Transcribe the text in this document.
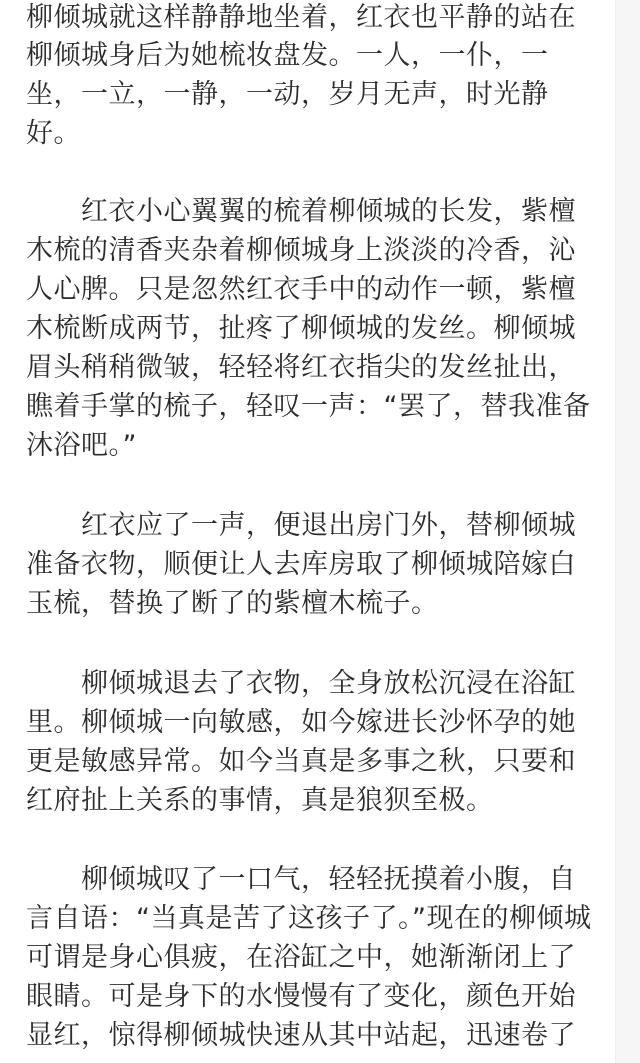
柳倾城就这样静静地坐着，红衣也平静的站在
柳倾城身后为她梳妆盘发。一人，一仆，一
坐，一立，一静，一动，岁月无声，时光静
好。
红衣小心翼翼的梳着柳倾城的长发，紫檀
木梳的清香夹杂着柳倾城身上淡淡的冷香，沁
人心脾。只是忽然红衣手中的动作一顿，紫檀
木梳断成两节，扯疼了柳倾城的发丝。柳倾城
眉头稍稍微皱，轻轻将红衣指尖的发丝扯出，
瞧着手掌的梳子，轻叹一声：“罢了，替我准备
沐浴吧。”
红衣应了一声，便退出房门外，替柳倾城
准备衣物，顺便让人去库房取了柳倾城陪嫁白
玉梳，替换了断了的紫檀木梳子。
柳倾城退去了衣物，全身放松沉浸在浴缸
里。柳倾城一向敏感，如今嫁进长沙怀孕的她
更是敏感异常。如今当真是多事之秋，只要和
红府扯上关系的事情，真是狼狈至极。
柳倾城叹了一口气，轻轻抚摸着小腹，自
言自语：“当真是苦了这孩子了。”现在的柳倾城
可谓是身心俱疲，在浴缸之中，她渐渐闭上了
眼睛。可是身下的水慢慢有了变化，颜色开始
显红，惊得柳倾城快速从其中站起，迅速卷了
